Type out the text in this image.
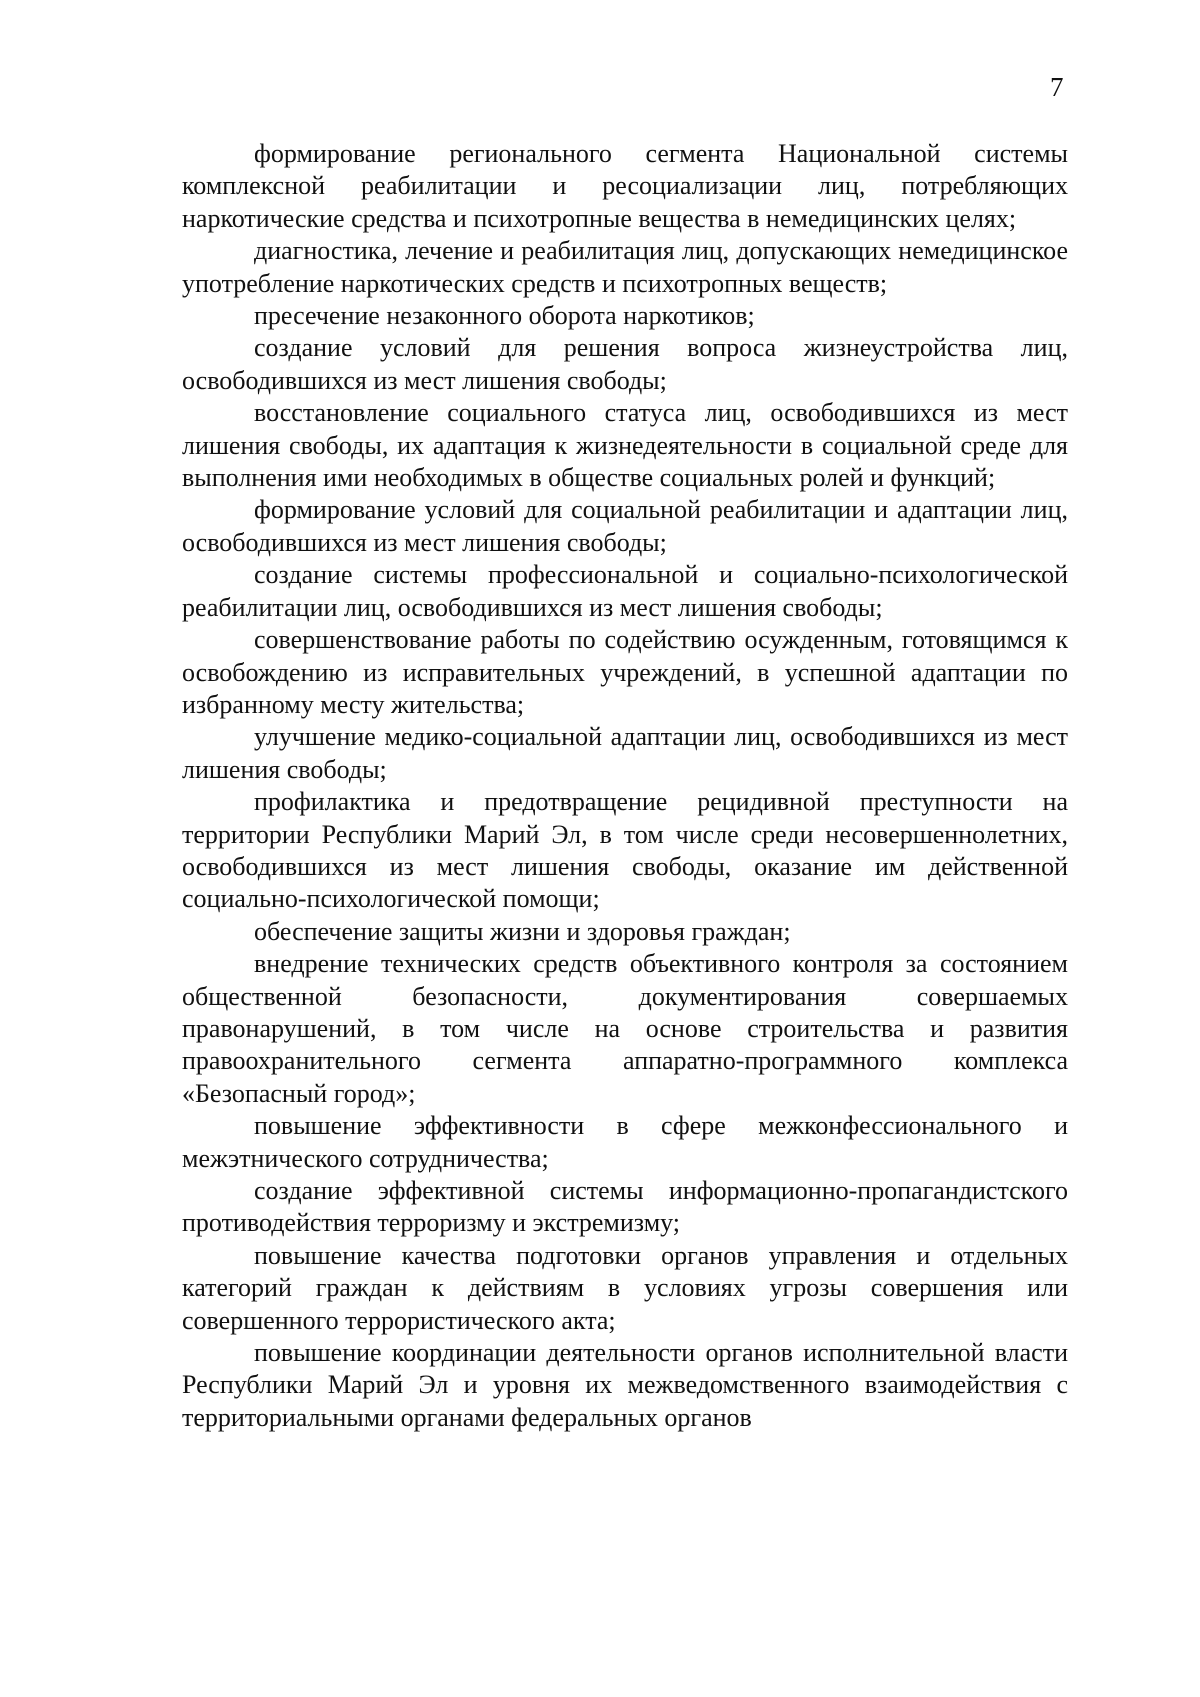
7

формирование регионального сегмента Национальной системы комплексной реабилитации и ресоциализации лиц, потребляющих наркотические средства и психотропные вещества в немедицинских целях;

диагностика, лечение и реабилитация лиц, допускающих немедицинское употребление наркотических средств и психотропных веществ;

пресечение незаконного оборота наркотиков;

создание условий для решения вопроса жизнеустройства лиц, освободившихся из мест лишения свободы;

восстановление социального статуса лиц, освободившихся из мест лишения свободы, их адаптация к жизнедеятельности в социальной среде для выполнения ими необходимых в обществе социальных ролей и функций;

формирование условий для социальной реабилитации и адаптации лиц, освободившихся из мест лишения свободы;

создание системы профессиональной и социально-психологической реабилитации лиц, освободившихся из мест лишения свободы;

совершенствование работы по содействию осужденным, готовящимся к освобождению из исправительных учреждений, в успешной адаптации по избранному месту жительства;

улучшение медико-социальной адаптации лиц, освободившихся из мест лишения свободы;

профилактика и предотвращение рецидивной преступности на территории Республики Марий Эл, в том числе среди несовершеннолетних, освободившихся из мест лишения свободы, оказание им действенной социально-психологической помощи;

обеспечение защиты жизни и здоровья граждан;

внедрение технических средств объективного контроля за состоянием общественной безопасности, документирования совершаемых правонарушений, в том числе на основе строительства и развития правоохранительного сегмента аппаратно-программного комплекса «Безопасный город»;

повышение эффективности в сфере межконфессионального и межэтнического сотрудничества;

создание эффективной системы информационно-пропагандистского противодействия терроризму и экстремизму;

повышение качества подготовки органов управления и отдельных категорий граждан к действиям в условиях угрозы совершения или совершенного террористического акта;

повышение координации деятельности органов исполнительной власти Республики Марий Эл и уровня их межведомственного взаимодействия с территориальными органами федеральных органов
